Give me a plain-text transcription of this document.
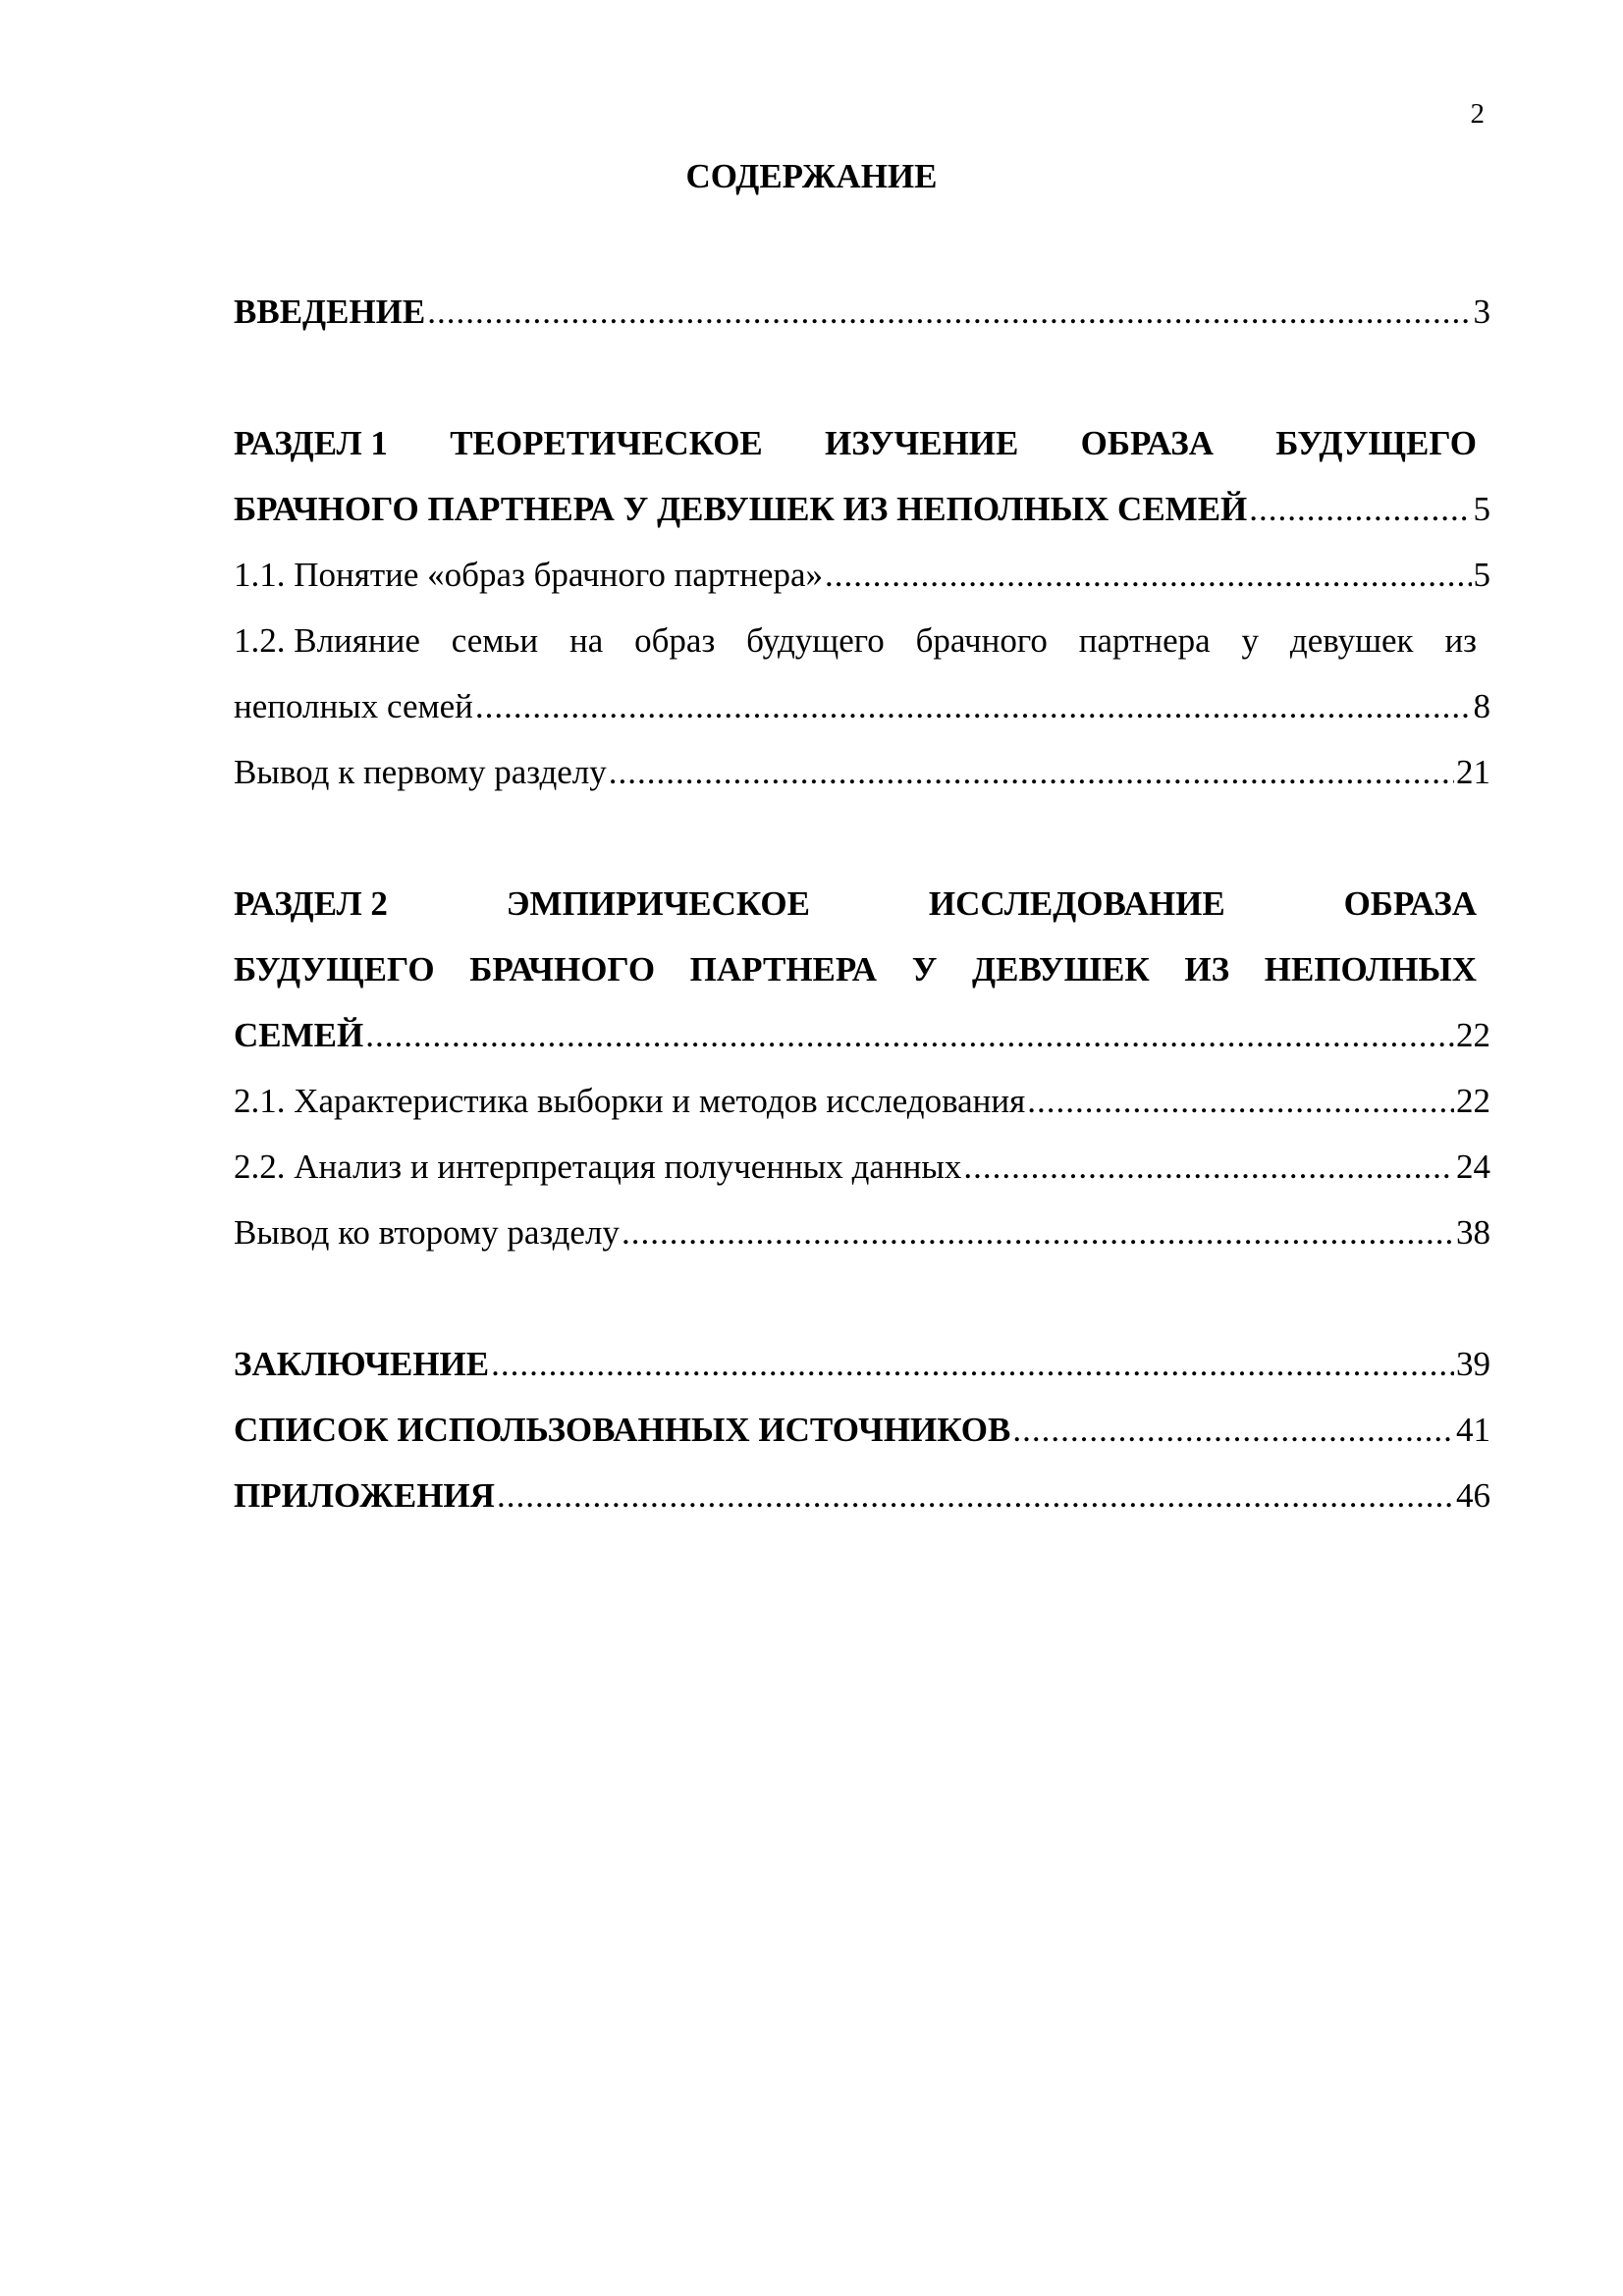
2
СОДЕРЖАНИЕ
ВВЕДЕНИЕ .....	3
РАЗДЕЛ 1 ТЕОРЕТИЧЕСКОЕ ИЗУЧЕНИЕ ОБРАЗА БУДУЩЕГО
БРАЧНОГО ПАРТНЕРА У ДЕВУШЕК ИЗ НЕПОЛНЫХ СЕМЕЙ .....	5
1.1. Понятие «образ брачного партнера» .....	5
1.2. Влияние семьи на образ будущего брачного партнера у девушек из
неполных семей .....	8
Вывод к первому разделу .....	21
РАЗДЕЛ 2	ЭМПИРИЧЕСКОЕ	ИССЛЕДОВАНИЕ	ОБРАЗА
БУДУЩЕГО БРАЧНОГО ПАРТНЕРА У ДЕВУШЕК ИЗ НЕПОЛНЫХ
СЕМЕЙ .....	22
2.1. Характеристика выборки и методов исследования .....	22
2.2. Анализ и интерпретация полученных данных .....	24
Вывод ко второму разделу .....	38
ЗАКЛЮЧЕНИЕ .....	39
СПИСОК ИСПОЛЬЗОВАННЫХ ИСТОЧНИКОВ .....	41
ПРИЛОЖЕНИЯ .....	46
